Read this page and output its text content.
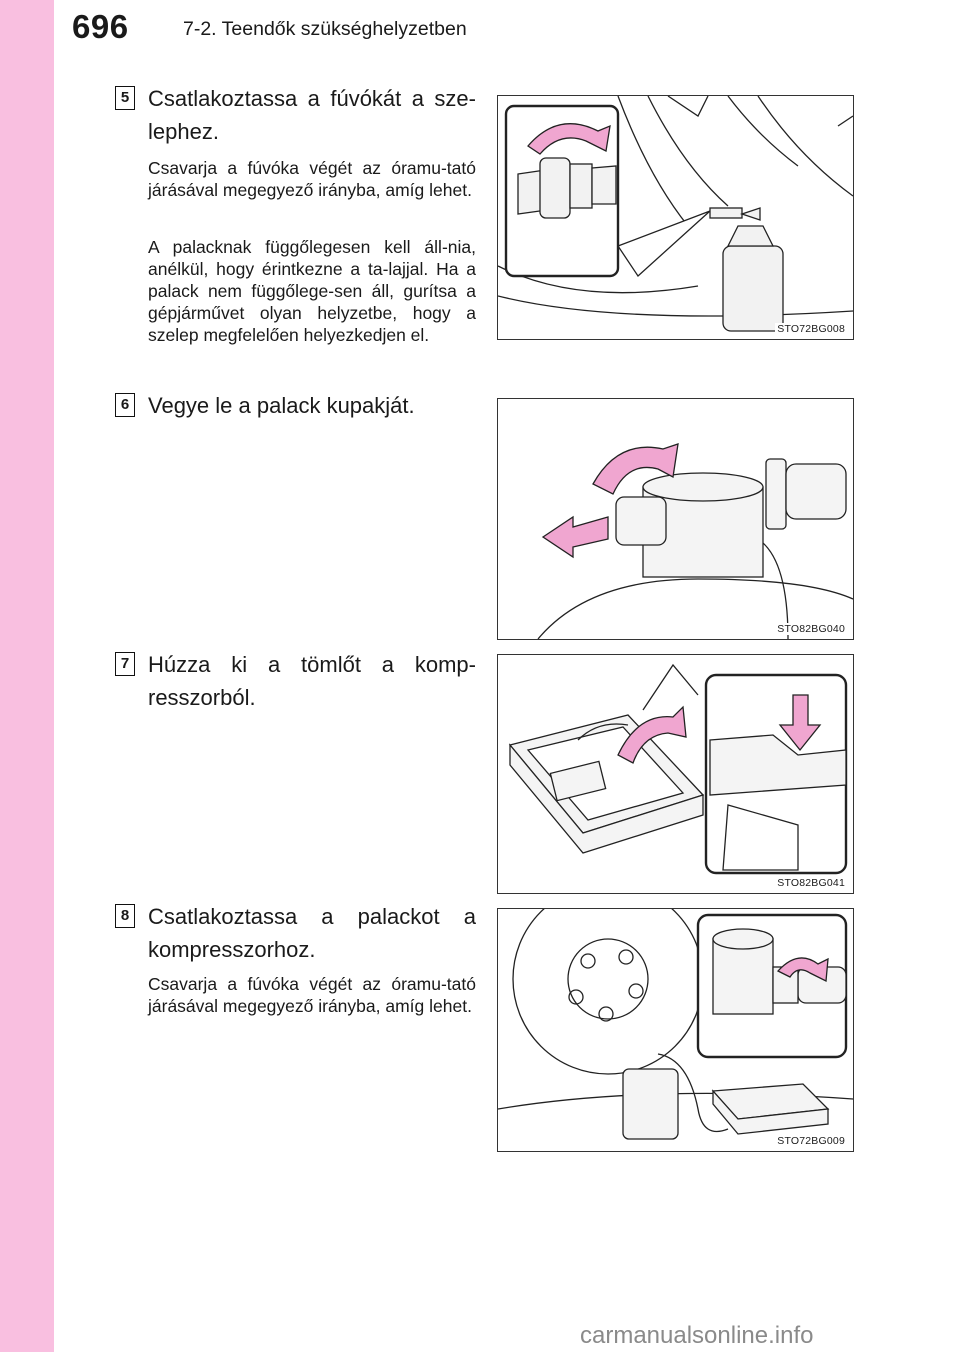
696	7-2. Teendők szükséghelyzetben
5 Csatlakoztassa a fúvókát a sze-lephez.
Csavarja a fúvóka végét az óramu-tató járásával megegyező irányba, amíg lehet.
A palacknak függőlegesen kell áll-nia, anélkül, hogy érintkezne a ta-lajjal. Ha a palack nem függőlege-sen áll, gurítsa a gépjárművet olyan helyzetbe, hogy a szelep megfelelően helyezkedjen el.	STO72BG008
6 Vegye le a palack kupakját.
STO82BG040
7 Húzza ki a tömlőt a komp-resszorból.
STO82BG041
8 Csatlakoztassa a palackot a kompresszorhoz.
Csavarja a fúvóka végét az óramu-tató járásával megegyező irányba, amíg lehet.
STO72BG009
carmanualsonline.info
